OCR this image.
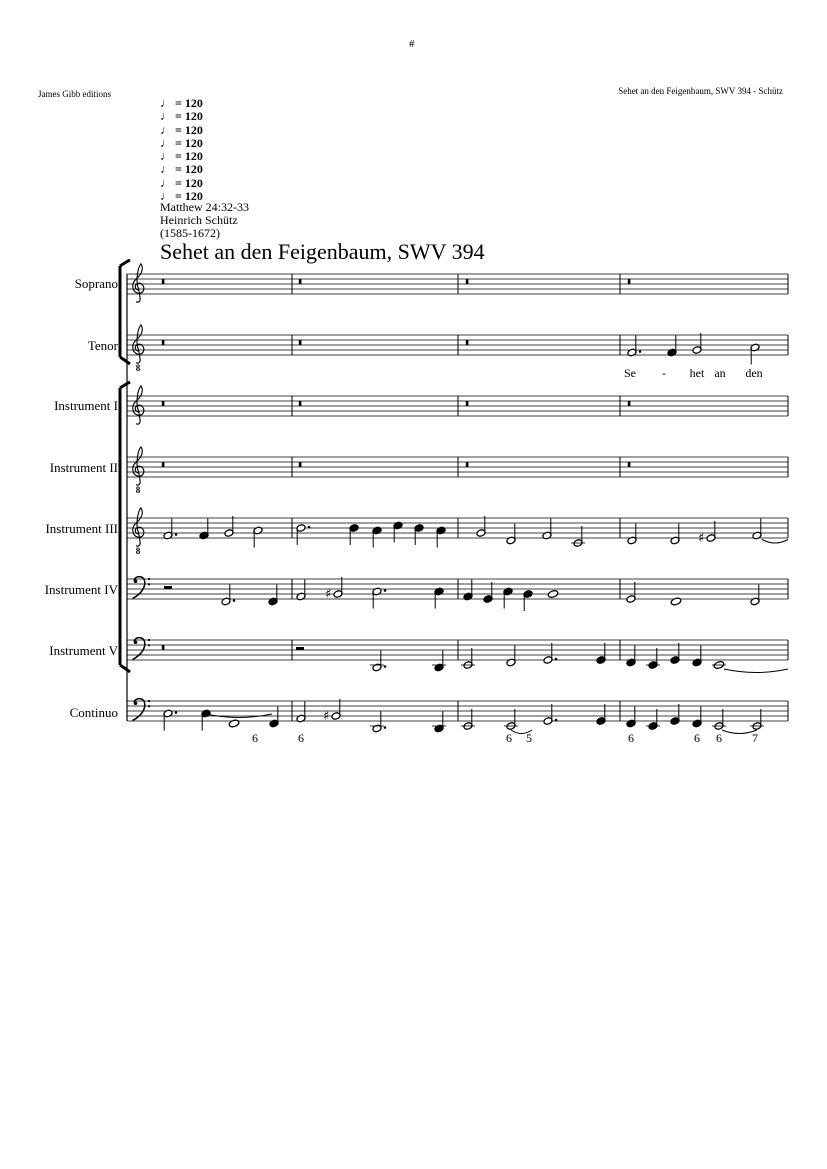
#
James Gibb editions	Sehet an den Feigenbaum, SWV 394 - Schütz
♩ = 120
♩ = 120
♩ = 120
♩ = 120
♩ = 120
♩ = 120
♩ = 120
♩ = 120
Matthew 24:32-33
Heinrich Schütz
(1585-1672)
Sehet an den Feigenbaum, SWV 394
8
8
8
♯
♯
♯
Soprano
Tenor
Instrument I
Instrument II
Instrument III
Instrument IV
Instrument V
Continuo
Se - het an den
6	6	6 5	6	6 6	7
